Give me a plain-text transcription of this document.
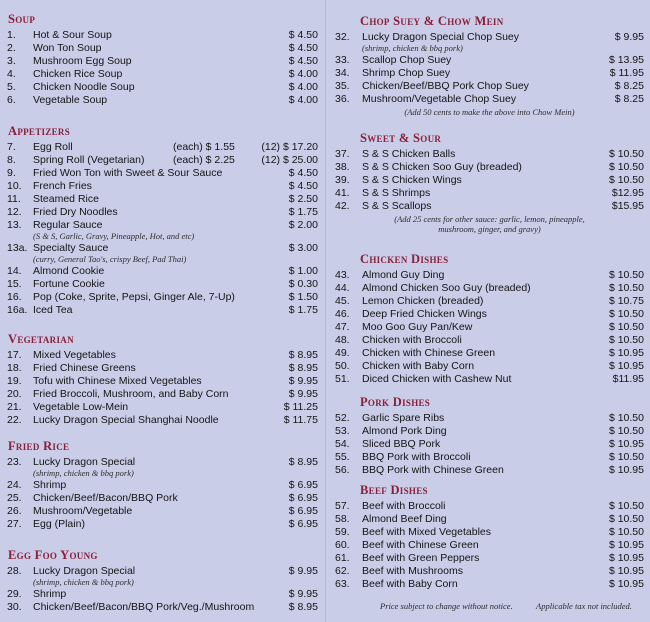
Soup
1. Hot & Sour Soup	$ 4.50
2. Won Ton Soup	$ 4.50
3. Mushroom Egg Soup	$ 4.50
4. Chicken Rice Soup	$ 4.00
5. Chicken Noodle Soup	$ 4.00
6. Vegetable Soup	$ 4.00
Appetizers
7. Egg Roll	(each) $ 1.55	(12) $ 17.20
8. Spring Roll (Vegetarian)	(each) $ 2.25	(12) $ 25.00
9. Fried Won Ton with Sweet & Sour Sauce	$ 4.50
10. French Fries	$ 4.50
11. Steamed Rice	$ 2.50
12. Fried Dry Noodles	$ 1.75
13. Regular Sauce	$ 2.00
(S & S, Garlic, Gravy, Pineapple, Hot, and etc)
13a. Specialty Sauce	$ 3.00
(curry, General Tao's, crispy Beef, Pad Thai)
14. Almond Cookie	$ 1.00
15. Fortune Cookie	$ 0.30
16. Pop (Coke, Sprite, Pepsi, Ginger Ale, 7-Up)	$ 1.50
16a. Iced Tea	$ 1.75
Vegetarian
17. Mixed Vegetables	$ 8.95
18. Fried Chinese Greens	$ 8.95
19. Tofu with Chinese Mixed Vegetables	$ 9.95
20. Fried Broccoli, Mushroom, and Baby Corn	$ 9.95
21. Vegetable Low-Mein	$ 11.25
22. Lucky Dragon Special Shanghai Noodle	$ 11.75
Fried Rice
23. Lucky Dragon Special	$ 8.95
(shrimp, chicken & bbq pork)
24. Shrimp	$ 6.95
25. Chicken/Beef/Bacon/BBQ Pork	$ 6.95
26. Mushroom/Vegetable	$ 6.95
27. Egg (Plain)	$ 6.95
Egg Foo Young
28. Lucky Dragon Special	$ 9.95
(shrimp, chicken & bbq pork)
29. Shrimp	$ 9.95
30. Chicken/Beef/Bacon/BBQ Pork/Veg./Mushroom	$ 8.95
Chop Suey & Chow Mein
32. Lucky Dragon Special Chop Suey	$ 9.95
(shrimp, chicken & bbq pork)
33. Scallop Chop Suey	$ 13.95
34. Shrimp Chop Suey	$ 11.95
35. Chicken/Beef/BBQ Pork Chop Suey	$ 8.25
36. Mushroom/Vegetable Chop Suey	$ 8.25
(Add 50 cents to make the above into Chow Mein)
Sweet & Sour
37. S & S Chicken Balls	$ 10.50
38. S & S Chicken Soo Guy (breaded)	$ 10.50
39. S & S Chicken Wings	$ 10.50
41. S & S Shrimps	$12.95
42. S & S Scallops	$15.95
(Add 25 cents for other sauce: garlic, lemon, pineapple,
mushroom, ginger, and gravy)
Chicken Dishes
43. Almond Guy Ding	$ 10.50
44. Almond Chicken Soo Guy (breaded)	$ 10.50
45. Lemon Chicken (breaded)	$ 10.75
46. Deep Fried Chicken Wings	$ 10.50
47. Moo Goo Guy Pan/Kew	$ 10.50
48. Chicken with Broccoli	$ 10.50
49. Chicken with Chinese Green	$ 10.95
50. Chicken with Baby Corn	$ 10.95
51. Diced Chicken with Cashew Nut	$11.95
Pork Dishes
52. Garlic Spare Ribs	$ 10.50
53. Almond Pork Ding	$ 10.50
54. Sliced BBQ Pork	$ 10.95
55. BBQ Pork with Broccoli	$ 10.50
56. BBQ Pork with Chinese Green	$ 10.95
Beef Dishes
57. Beef with Broccoli	$ 10.50
58. Almond Beef Ding	$ 10.50
59. Beef with Mixed Vegetables	$ 10.50
60. Beef with Chinese Green	$ 10.95
61. Beef with Green Peppers	$ 10.95
62. Beef with Mushrooms	$ 10.95
63. Beef with Baby Corn	$ 10.95
Price subject to change without notice.	Applicable tax not included.
